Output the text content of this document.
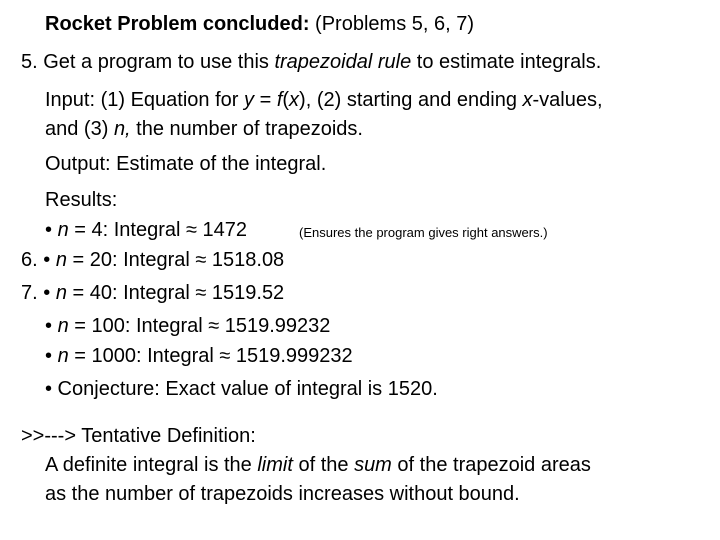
Rocket Problem concluded: (Problems 5, 6, 7)
5. Get a program to use this trapezoidal rule to estimate integrals.
Input: (1) Equation for y = f(x), (2) starting and ending x-values,
and (3) n, the number of trapezoids.
Output: Estimate of the integral.
Results:
• n = 4: Integral ≈ 1472	(Ensures the program gives right answers.)
6. • n = 20: Integral ≈ 1518.08
7. • n = 40: Integral ≈ 1519.52
• n = 100: Integral ≈ 1519.99232
• n = 1000: Integral ≈ 1519.999232
• Conjecture: Exact value of integral is 1520.
>>---> Tentative Definition:
A definite integral is the limit of the sum of the trapezoid areas
as the number of trapezoids increases without bound.
